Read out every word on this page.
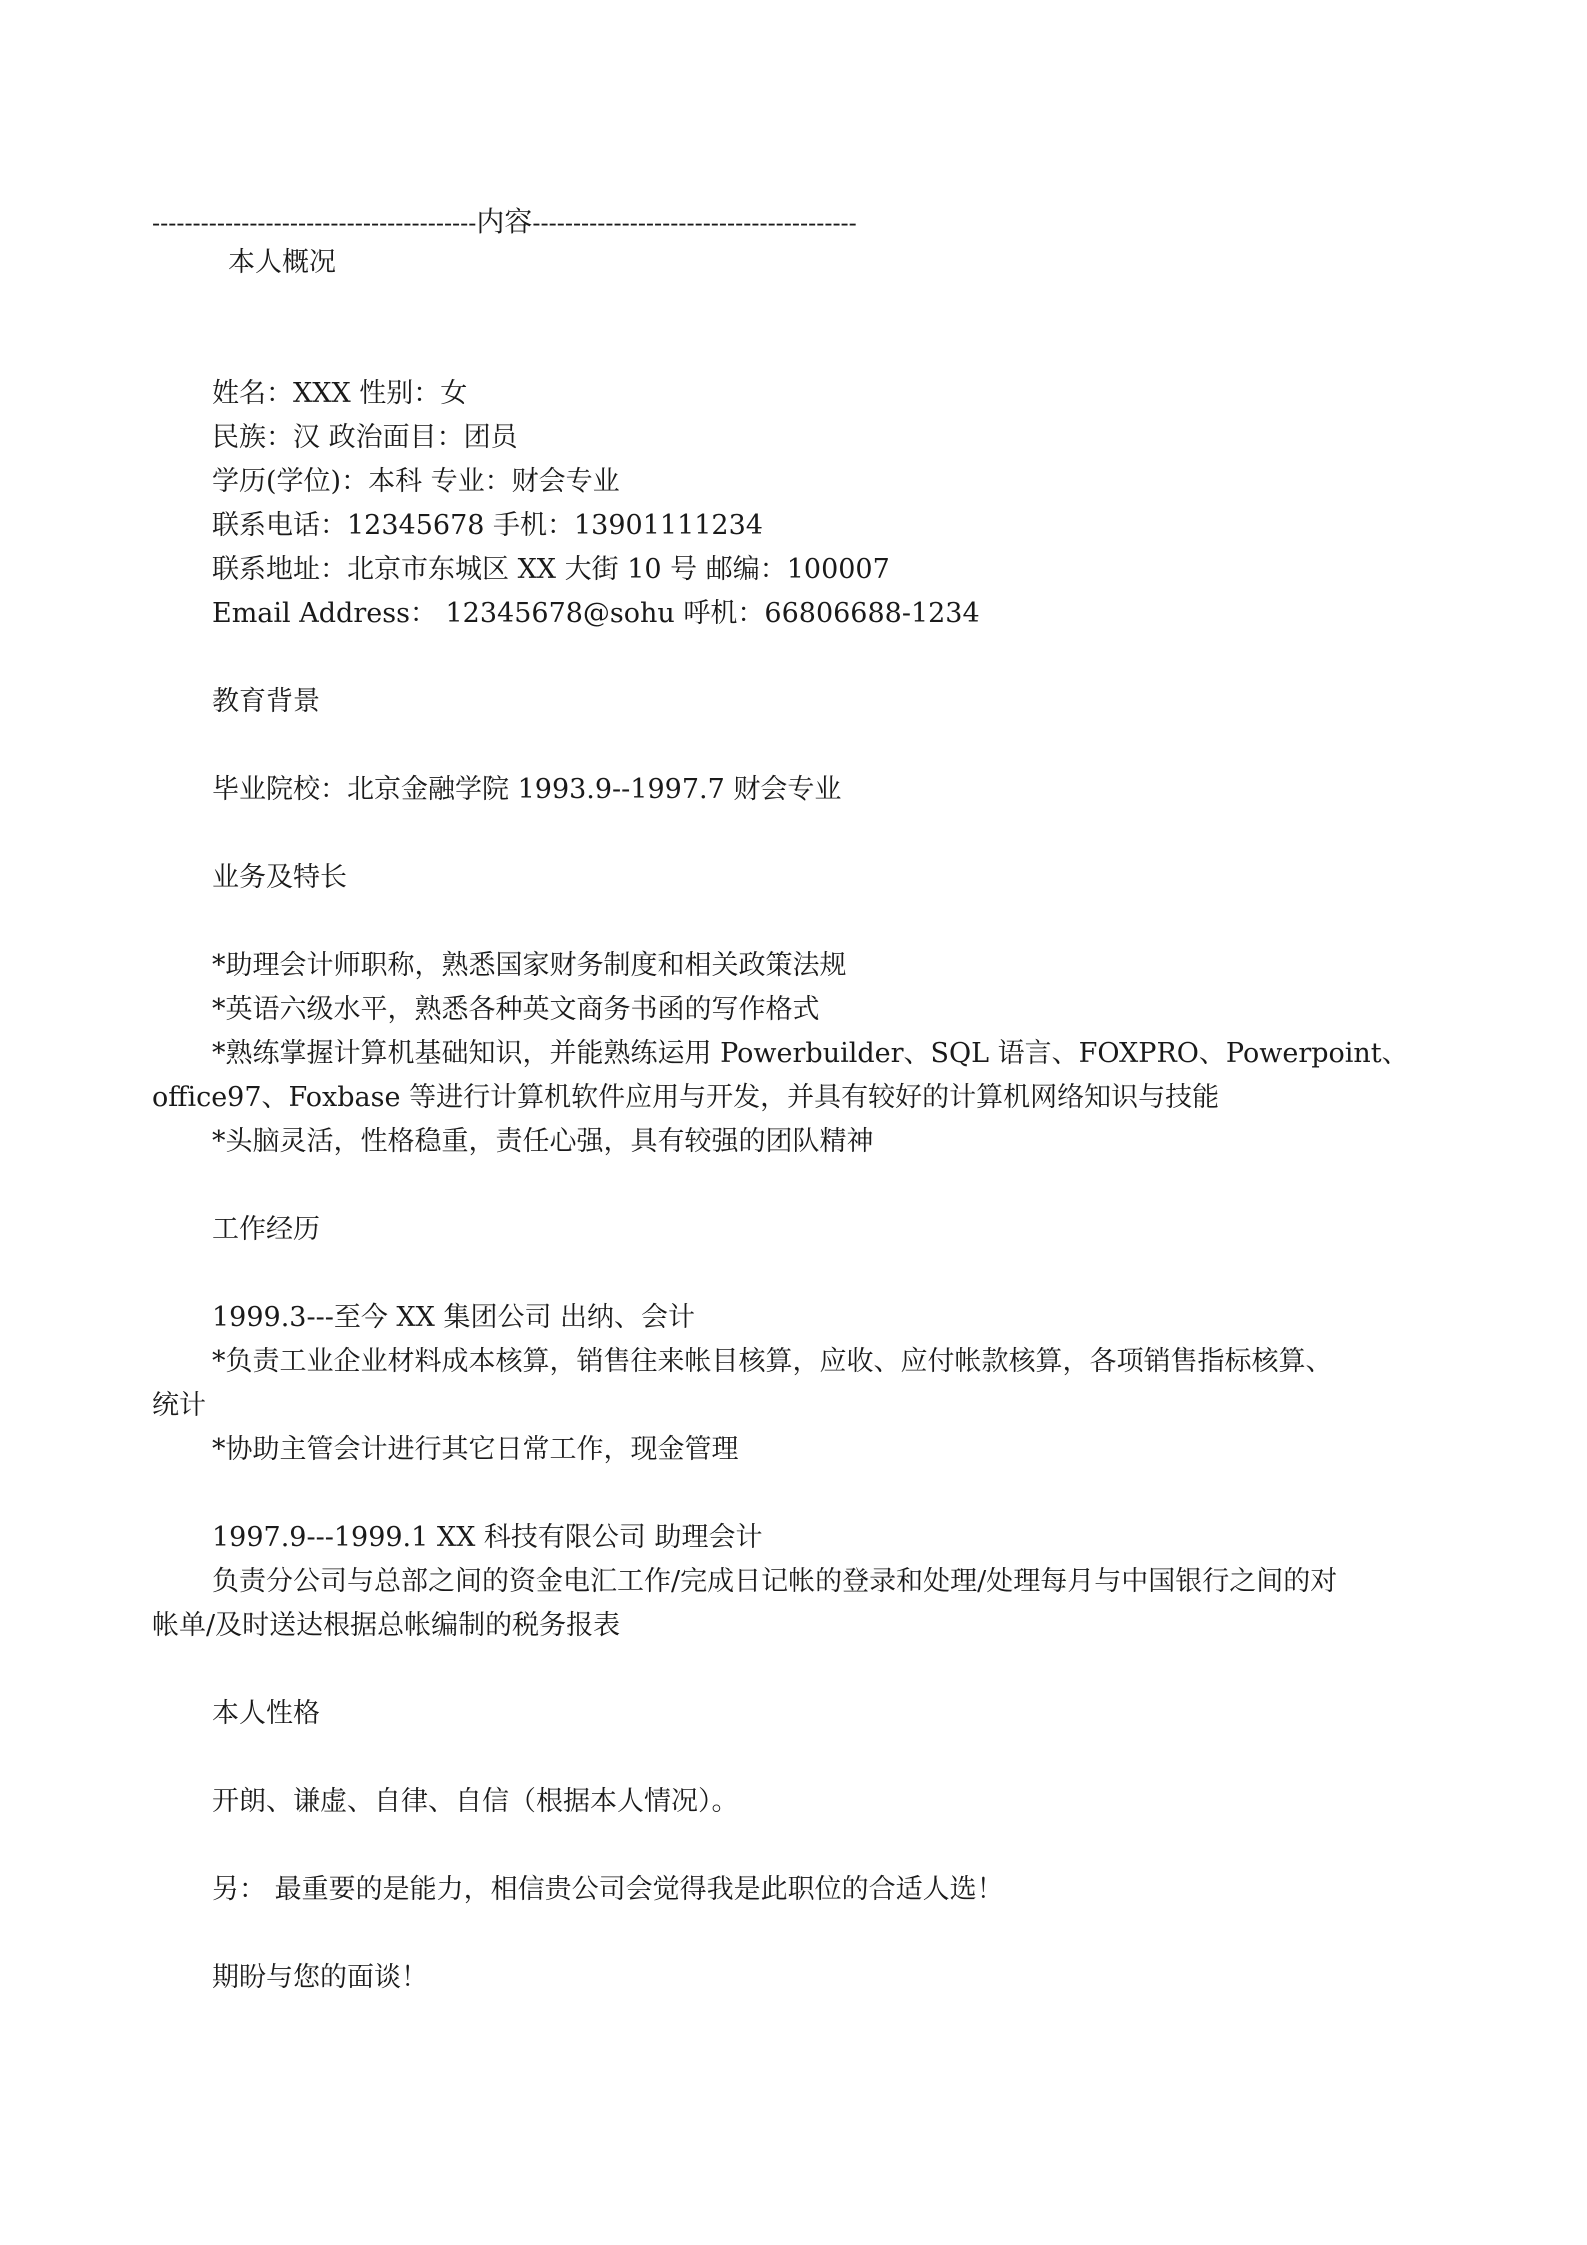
----------------------------------------内容----------------------------------------
本人概况
姓名：XXX 性别：女
民族：汉 政治面目：团员
学历(学位)：本科 专业：财会专业
联系电话：12345678 手机：13901111234
联系地址：北京市东城区 XX 大街 10 号 邮编：100007
Email Address： 12345678@sohu 呼机：66806688-1234
教育背景
毕业院校：北京金融学院 1993.9--1997.7 财会专业
业务及特长
*助理会计师职称，熟悉国家财务制度和相关政策法规
*英语六级水平，熟悉各种英文商务书函的写作格式
*熟练掌握计算机基础知识，并能熟练运用 Powerbuilder、SQL 语言、FOXPRO、Powerpoint、
office97、Foxbase 等进行计算机软件应用与开发，并具有较好的计算机网络知识与技能
*头脑灵活，性格稳重，责任心强，具有较强的团队精神
工作经历
1999.3---至今 XX 集团公司 出纳、会计
*负责工业企业材料成本核算，销售往来帐目核算，应收、应付帐款核算，各项销售指标核算、
统计
*协助主管会计进行其它日常工作，现金管理
1997.9---1999.1 XX 科技有限公司 助理会计
负责分公司与总部之间的资金电汇工作/完成日记帐的登录和处理/处理每月与中国银行之间的对
帐单/及时送达根据总帐编制的税务报表
本人性格
开朗、谦虚、自律、自信（根据本人情况）。
另： 最重要的是能力，相信贵公司会觉得我是此职位的合适人选！
期盼与您的面谈！
